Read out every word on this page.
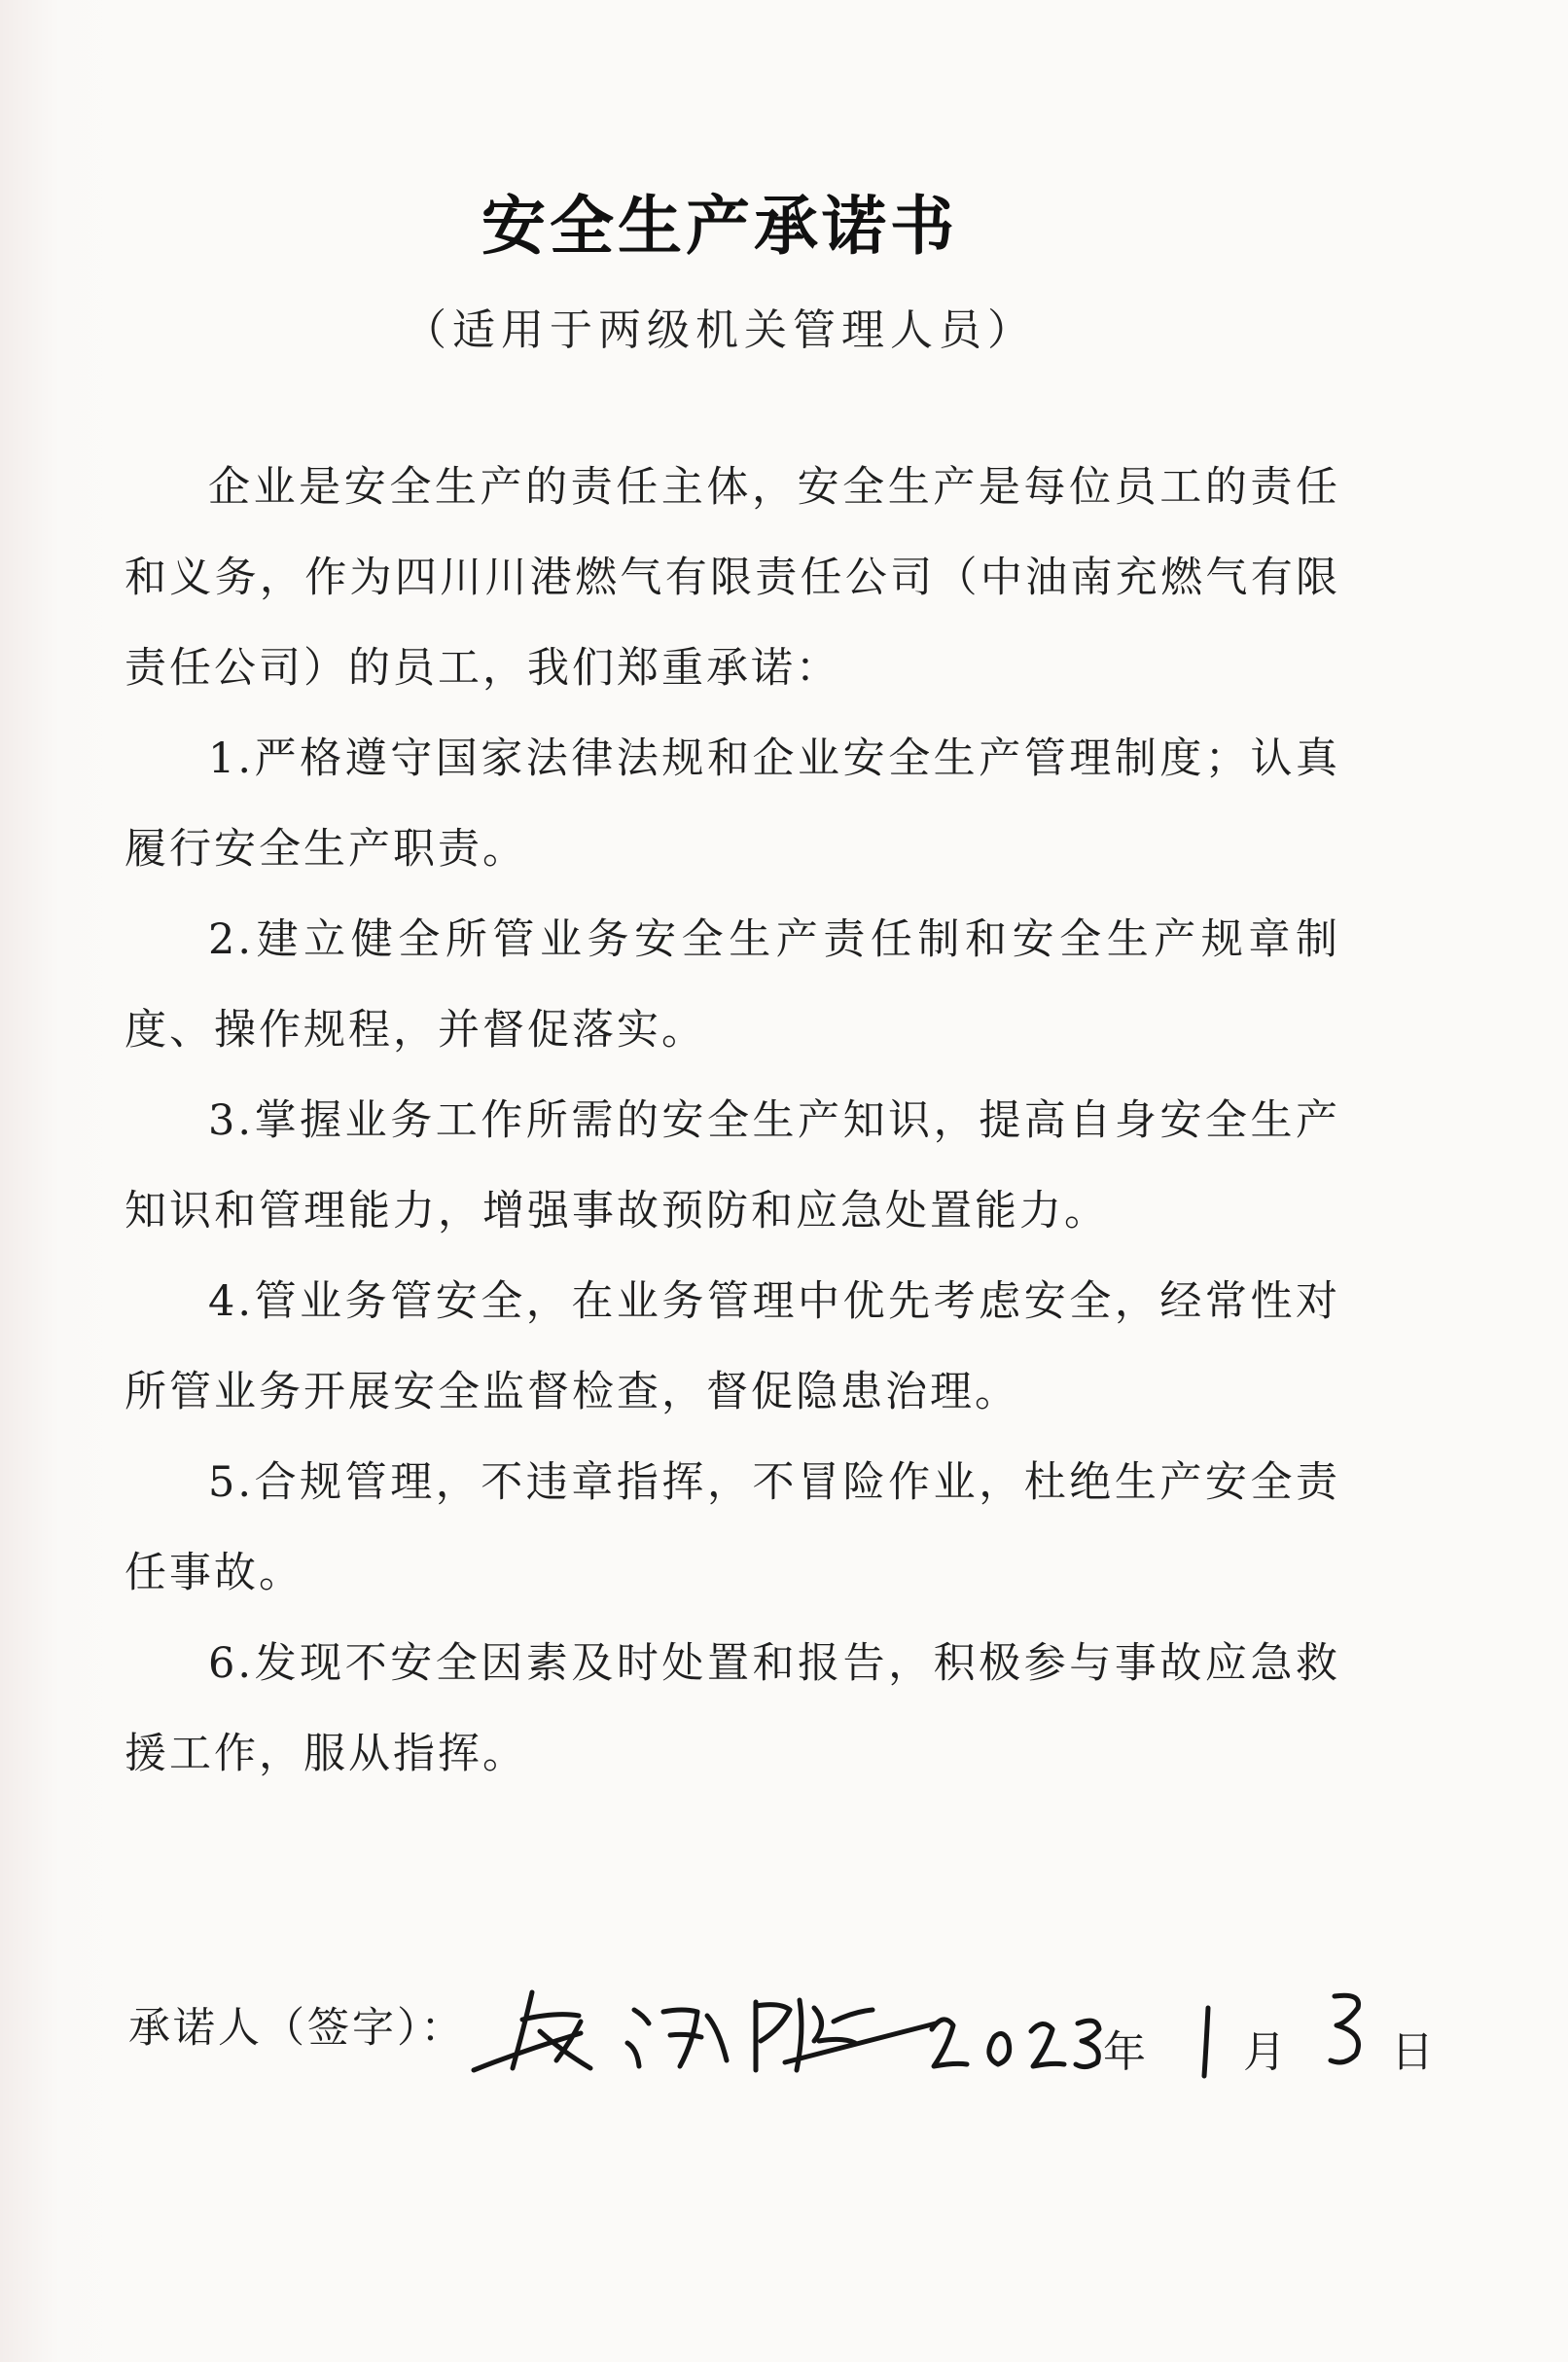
安全生产承诺书
（适用于两级机关管理人员）

企业是安全生产的责任主体，安全生产是每位员工的责任和义务，作为四川川港燃气有限责任公司（中油南充燃气有限责任公司）的员工，我们郑重承诺：

1.严格遵守国家法律法规和企业安全生产管理制度；认真履行安全生产职责。

2.建立健全所管业务安全生产责任制和安全生产规章制度、操作规程，并督促落实。

3.掌握业务工作所需的安全生产知识，提高自身安全生产知识和管理能力，增强事故预防和应急处置能力。

4.管业务管安全，在业务管理中优先考虑安全，经常性对所管业务开展安全监督检查，督促隐患治理。

5.合规管理，不违章指挥，不冒险作业，杜绝生产安全责任事故。

6.发现不安全因素及时处置和报告，积极参与事故应急救援工作，服从指挥。

承诺人（签字）：	年 月 日
